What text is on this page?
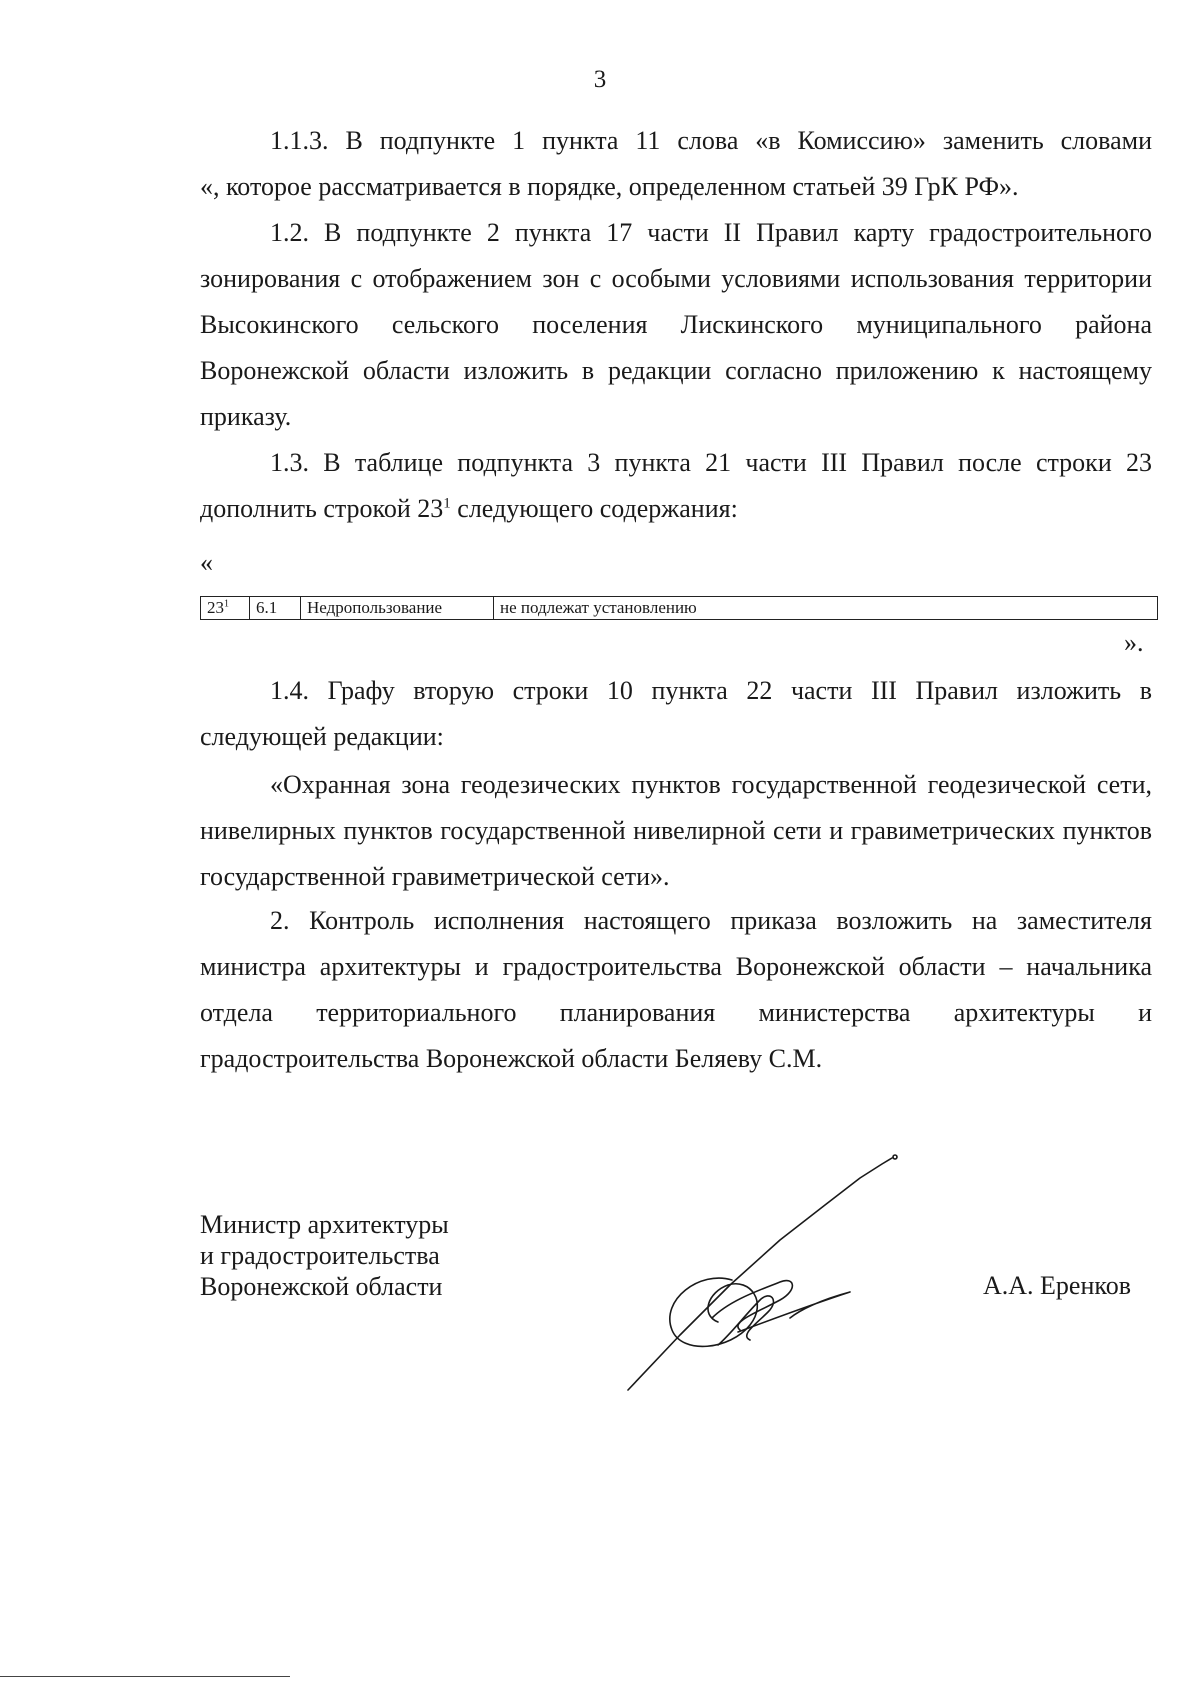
3
1.1.3. В подпункте 1 пункта 11 слова «в Комиссию» заменить словами
«, которое рассматривается в порядке, определенном статьей 39 ГрК РФ».

1.2. В подпункте 2 пункта 17 части II Правил карту градостроительного зонирования с отображением зон с особыми условиями использования территории Высокинского сельского поселения Лискинского муниципального района Воронежской области изложить в редакции согласно приложению к настоящему приказу.

1.3. В таблице подпункта 3 пункта 21 части III Правил после строки 23
дополнить строкой $23^1$ следующего содержания:
«
$23^1$	6.1	Недропользование	не подлежат установлению
».

1.4. Графу вторую строки 10 пункта 22 части III Правил изложить в следующей редакции:

«Охранная зона геодезических пунктов государственной геодезической сети, нивелирных пунктов государственной нивелирной сети и гравиметрических пунктов государственной гравиметрической сети».

2. Контроль исполнения настоящего приказа возложить на заместителя министра архитектуры и градостроительства Воронежской области – начальника отдела территориального планирования министерства архитектуры и градостроительства Воронежской области Беляеву С.М.

Министр архитектуры
и градостроительства
Воронежской области	А.А. Еренков
